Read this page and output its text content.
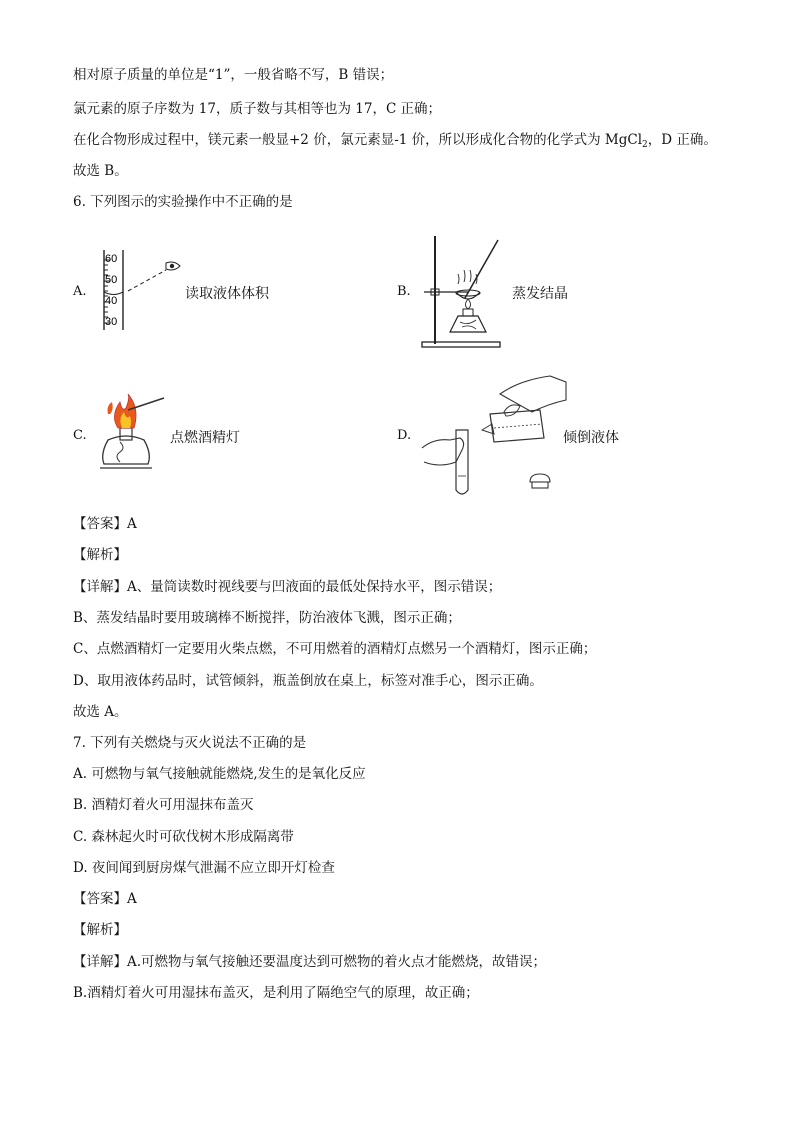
相对原子质量的单位是“1”，一般省略不写，B 错误；
氯元素的原子序数为 17，质子数与其相等也为 17，C 正确；
在化合物形成过程中，镁元素一般显+2 价，氯元素显-1 价，所以形成化合物的化学式为 MgCl$_2$，D 正确。
故选 B。
6. 下列图示的实验操作中不正确的是
A.
60
50
40
30
读取液体体积	B.	蒸发结晶
C.	点燃酒精灯	D.	倾倒液体
【答案】A
【解析】
【详解】A、量筒读数时视线要与凹液面的最低处保持水平，图示错误；
B、蒸发结晶时要用玻璃棒不断搅拌，防治液体飞溅，图示正确；
C、点燃酒精灯一定要用火柴点燃，不可用燃着的酒精灯点燃另一个酒精灯，图示正确；
D、取用液体药品时，试管倾斜，瓶盖倒放在桌上，标签对准手心，图示正确。
故选 A。
7. 下列有关燃烧与灭火说法不正确的是
A. 可燃物与氧气接触就能燃烧,发生的是氧化反应
B. 酒精灯着火可用湿抹布盖灭
C. 森林起火时可砍伐树木形成隔离带
D. 夜间闻到厨房煤气泄漏不应立即开灯检查
【答案】A
【解析】
【详解】A.可燃物与氧气接触还要温度达到可燃物的着火点才能燃烧，故错误；
B.酒精灯着火可用湿抹布盖灭，是利用了隔绝空气的原理，故正确；
